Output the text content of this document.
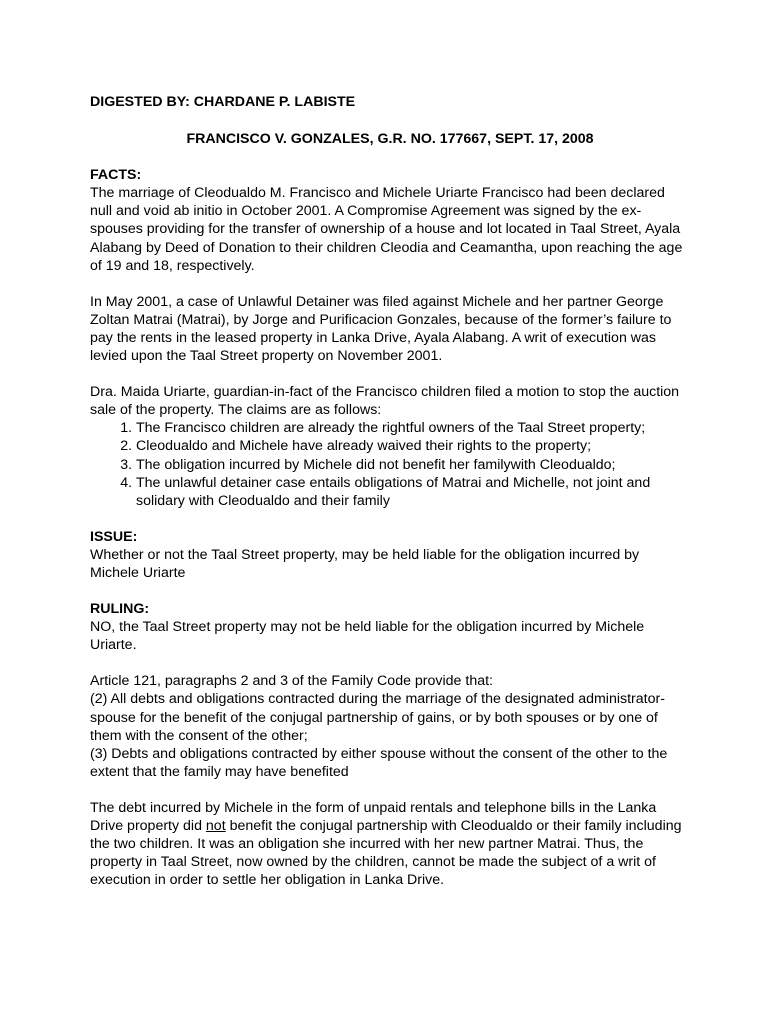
DIGESTED BY: CHARDANE P. LABISTE

FRANCISCO V. GONZALES, G.R. NO. 177667, SEPT. 17, 2008

FACTS:

The marriage of Cleodualdo M. Francisco and Michele Uriarte Francisco had been declared null and void ab initio in October 2001. A Compromise Agreement was signed by the ex-spouses providing for the transfer of ownership of a house and lot located in Taal Street, Ayala Alabang by Deed of Donation to their children Cleodia and Ceamantha, upon reaching the age of 19 and 18, respectively.

In May 2001, a case of Unlawful Detainer was filed against Michele and her partner George Zoltan Matrai (Matrai), by Jorge and Purificacion Gonzales, because of the former’s failure to pay the rents in the leased property in Lanka Drive, Ayala Alabang. A writ of execution was levied upon the Taal Street property on November 2001.

Dra. Maida Uriarte, guardian-in-fact of the Francisco children filed a motion to stop the auction sale of the property. The claims are as follows:

1. The Francisco children are already the rightful owners of the Taal Street property;
2. Cleodualdo and Michele have already waived their rights to the property;
3. The obligation incurred by Michele did not benefit her familywith Cleodualdo;
4. The unlawful detainer case entails obligations of Matrai and Michelle, not joint and solidary with Cleodualdo and their family

ISSUE:

Whether or not the Taal Street property, may be held liable for the obligation incurred by Michele Uriarte

RULING:

NO, the Taal Street property may not be held liable for the obligation incurred by Michele Uriarte.

Article 121, paragraphs 2 and 3 of the Family Code provide that:

(2) All debts and obligations contracted during the marriage of the designated administrator-spouse for the benefit of the conjugal partnership of gains, or by both spouses or by one of them with the consent of the other;

(3) Debts and obligations contracted by either spouse without the consent of the other to the extent that the family may have benefited

The debt incurred by Michele in the form of unpaid rentals and telephone bills in the Lanka Drive property did not benefit the conjugal partnership with Cleodualdo or their family including the two children. It was an obligation she incurred with her new partner Matrai. Thus, the property in Taal Street, now owned by the children, cannot be made the subject of a writ of execution in order to settle her obligation in Lanka Drive.
